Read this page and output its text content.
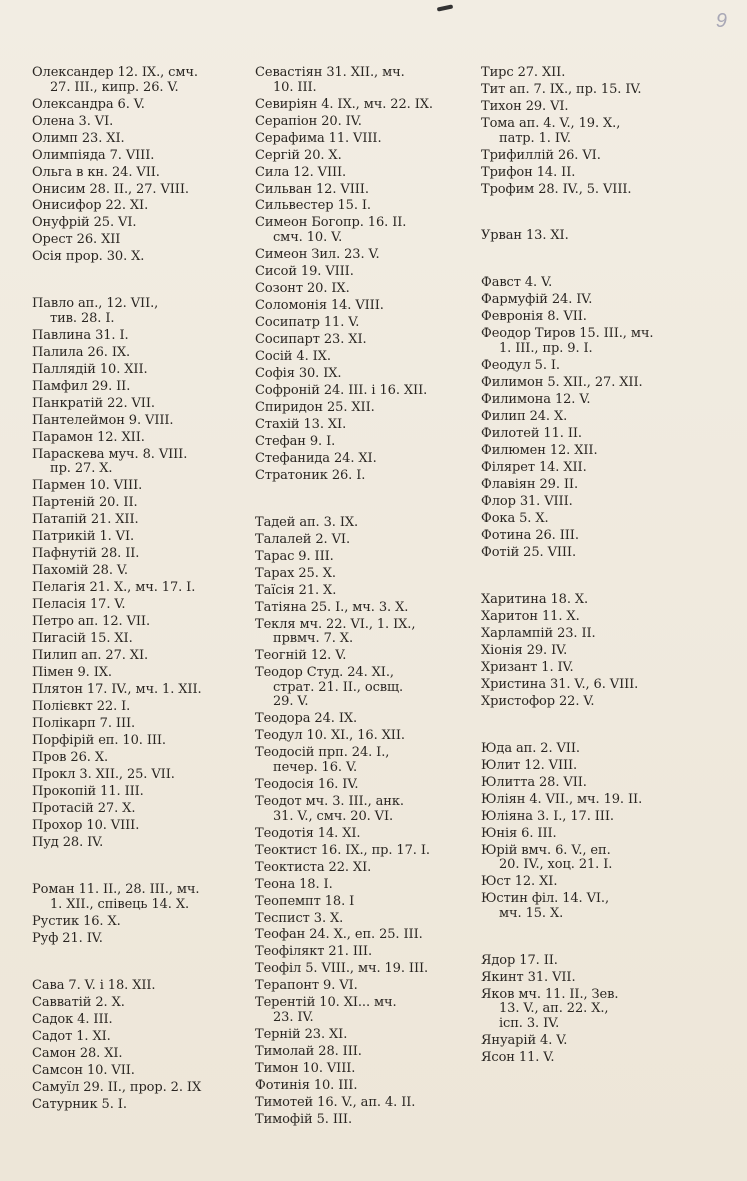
9
Олександер 12. IX., смч.
27. III., кипр. 26. V.
Олександра 6. V.
Олена 3. VI.
Олимп 23. XI.
Олимпіяда 7. VIII.
Ольга в кн. 24. VII.
Онисим 28. II., 27. VIII.
Онисифор 22. XI.
Онуфрій 25. VI.
Орест 26. XII
Осія прор. 30. X.
Павло ап., 12. VII.,
тив. 28. I.
Павлина 31. I.
Палила 26. IX.
Паллядій 10. XII.
Памфил 29. II.
Панкратій 22. VII.
Пантелеймон 9. VIII.
Парамон 12. XII.
Параскева муч. 8. VIII.
пр. 27. X.
Пармен 10. VIII.
Партеній 20. II.
Патапій 21. XII.
Патрикій 1. VI.
Пафнутій 28. II.
Пахомій 28. V.
Пелагія 21. X., мч. 17. I.
Пеласія 17. V.
Петро ап. 12. VII.
Пигасій 15. XI.
Пилип ап. 27. XI.
Пімен 9. IX.
Плятон 17. IV., мч. 1. XII.
Полієвкт 22. I.
Полікарп 7. III.
Порфірій еп. 10. III.
Пров 26. X.
Прокл 3. XII., 25. VII.
Прокопій 11. III.
Протасій 27. X.
Прохор 10. VIII.
Пуд 28. IV.
Роман 11. II., 28. III., мч.
1. XII., співець 14. X.
Рустик 16. X.
Руф 21. IV.
Сава 7. V. і 18. XII.
Савватій 2. X.
Садок 4. III.
Садот 1. XI.
Самон 28. XI.
Самсон 10. VII.
Самуїл 29. II., прор. 2. IX
Сатурник 5. I.
Севастіян 31. XII., мч.
10. III.
Севиріян 4. IX., мч. 22. IX.
Серапіон 20. IV.
Серафима 11. VIII.
Сергій 20. X.
Сила 12. VIII.
Сильван 12. VIII.
Сильвестер 15. I.
Симеон Богопр. 16. II.
смч. 10. V.
Симеон Зил. 23. V.
Сисой 19. VIII.
Созонт 20. IX.
Соломонія 14. VIII.
Сосипатр 11. V.
Сосипарт 23. XI.
Сосій 4. IX.
Софія 30. IX.
Софроній 24. III. і 16. XII.
Спиридон 25. XII.
Стахій 13. XI.
Стефан 9. I.
Стефанида 24. XI.
Стратоник 26. I.
Тадей ап. 3. IX.
Талалей 2. VI.
Тарас 9. III.
Тарах 25. X.
Таїсія 21. X.
Татіяна 25. I., мч. 3. X.
Текля мч. 22. VI., 1. IX.,
првмч. 7. X.
Теогній 12. V.
Теодор Студ. 24. XI.,
страт. 21. II., освщ.
29. V.
Теодора 24. IX.
Теодул 10. XI., 16. XII.
Теодосій прп. 24. I.,
печер. 16. V.
Теодосія 16. IV.
Теодот мч. 3. III., анк.
31. V., смч. 20. VI.
Теодотія 14. XI.
Теоктист 16. IX., пр. 17. I.
Теоктиста 22. XI.
Теона 18. I.
Теопемпт 18. I
Теспист 3. X.
Теофан 24. X., еп. 25. III.
Теофілякт 21. III.
Теофіл 5. VIII., мч. 19. III.
Терапонт 9. VI.
Терентій 10. XI... мч.
23. IV.
Терній 23. XI.
Тимолай 28. III.
Тимон 10. VIII.
Фотинія 10. III.
Тимотей 16. V., ап. 4. II.
Тимофій 5. III.
Тирс 27. XII.
Тит ап. 7. IX., пр. 15. IV.
Тихон 29. VI.
Тома ап. 4. V., 19. X.,
патр. 1. IV.
Трифиллій 26. VI.
Трифон 14. II.
Трофим 28. IV., 5. VIII.
Урван 13. XI.
Фавст 4. V.
Фармуфій 24. IV.
Февронія 8. VII.
Феодор Тиров 15. III., мч.
1. III., пр. 9. I.
Феодул 5. I.
Филимон 5. XII., 27. XII.
Филимона 12. V.
Филип 24. X.
Филотей 11. II.
Филюмен 12. XII.
Філярет 14. XII.
Флавіян 29. II.
Флор 31. VIII.
Фока 5. X.
Фотина 26. III.
Фотій 25. VIII.
Харитина 18. X.
Харитон 11. X.
Харлампій 23. II.
Хіонія 29. IV.
Хризант 1. IV.
Христина 31. V., 6. VIII.
Христофор 22. V.
Юда ап. 2. VII.
Юлит 12. VIII.
Юлитта 28. VII.
Юліян 4. VII., мч. 19. II.
Юліяна 3. I., 17. III.
Юнія 6. III.
Юрій вмч. 6. V., еп.
20. IV., хоц. 21. I.
Юст 12. XI.
Юстин філ. 14. VI.,
мч. 15. X.
Ядор 17. II.
Якинт 31. VII.
Яков мч. 11. II., Зев.
13. V., ап. 22. X.,
ісп. 3. IV.
Януарій 4. V.
Ясон 11. V.
